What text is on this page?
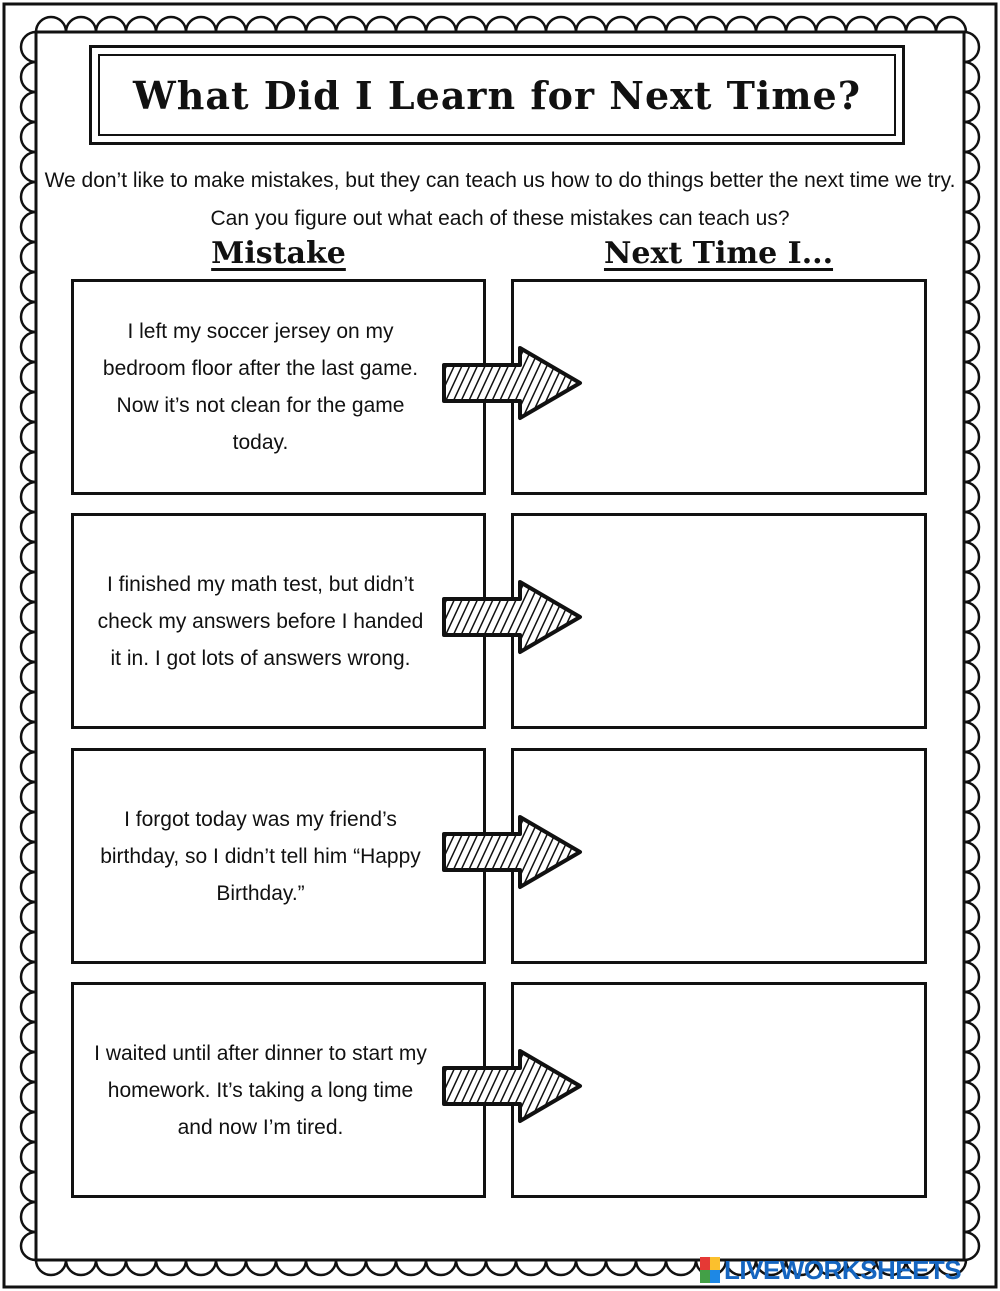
What Did I Learn for Next Time?
We don’t like to make mistakes, but they can teach us how to do things better the next time we try. Can you figure out what each of these mistakes can teach us?
Mistake	Next Time I...
I left my soccer jersey on my bedroom floor after the last game. Now it’s not clean for the game today.
I finished my math test, but didn’t check my answers before I handed it in. I got lots of answers wrong.
I forgot today was my friend’s birthday, so I didn’t tell him “Happy Birthday.”
I waited until after dinner to start my homework. It’s taking a long time and now I’m tired.
LIVEWORKSHEETS
